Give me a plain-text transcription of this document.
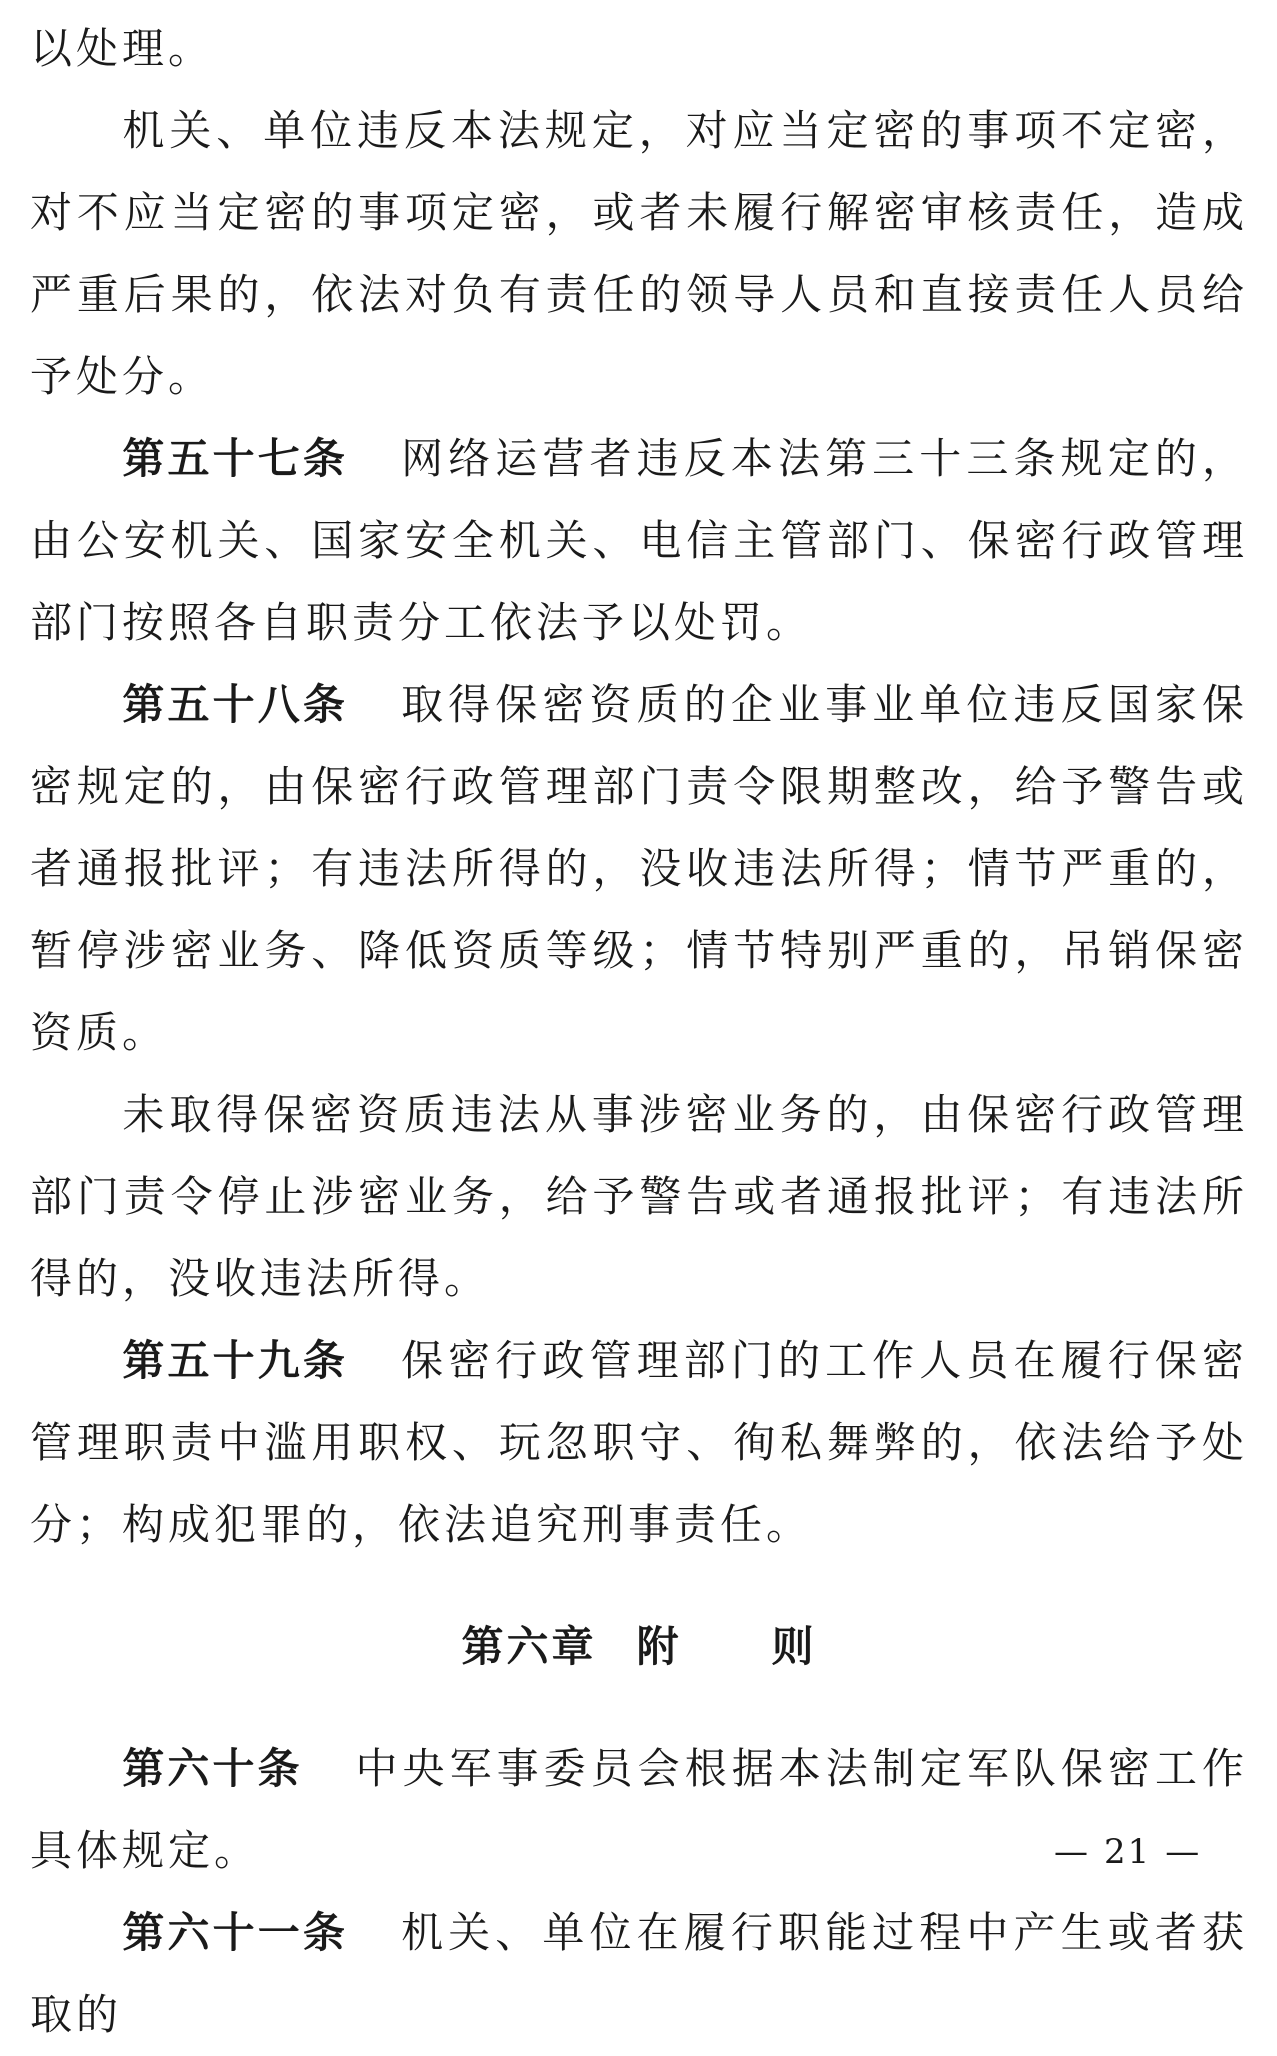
以处理。

机关、单位违反本法规定，对应当定密的事项不定密，对不应当定密的事项定密，或者未履行解密审核责任，造成严重后果的，依法对负有责任的领导人员和直接责任人员给予处分。

第五十七条 网络运营者违反本法第三十三条规定的，由公安机关、国家安全机关、电信主管部门、保密行政管理部门按照各自职责分工依法予以处罚。

第五十八条 取得保密资质的企业事业单位违反国家保密规定的，由保密行政管理部门责令限期整改，给予警告或者通报批评；有违法所得的，没收违法所得；情节严重的，暂停涉密业务、降低资质等级；情节特别严重的，吊销保密资质。

未取得保密资质违法从事涉密业务的，由保密行政管理部门责令停止涉密业务，给予警告或者通报批评；有违法所得的，没收违法所得。

第五十九条 保密行政管理部门的工作人员在履行保密管理职责中滥用职权、玩忽职守、徇私舞弊的，依法给予处分；构成犯罪的，依法追究刑事责任。

第六章 附 则

第六十条 中央军事委员会根据本法制定军队保密工作具体规定。

第六十一条 机关、单位在履行职能过程中产生或者获取的

— 21 —
